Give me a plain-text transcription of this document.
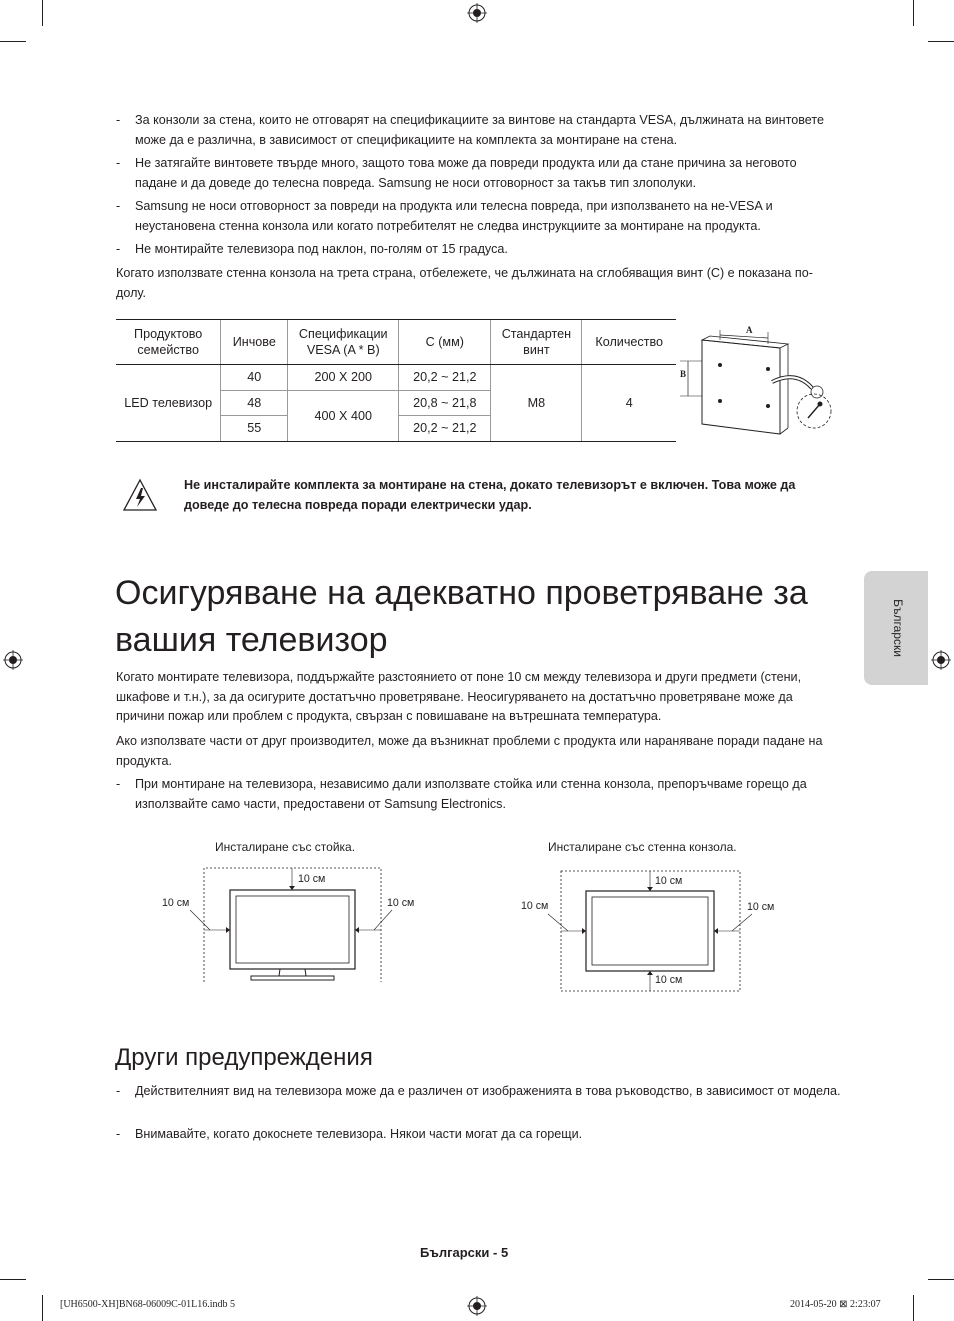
- За конзоли за стена, които не отговарят на спецификациите за винтове на стандарта VESA, дължината на винтовете може да е различна, в зависимост от спецификациите на комплекта за монтиране на стена.
- Не затягайте винтовете твърде много, защото това може да повреди продукта или да стане причина за неговото падане и да доведе до телесна повреда. Samsung не носи отговорност за такъв тип злополуки.
- Samsung не носи отговорност за повреди на продукта или телесна повреда, при използването на не-VESA и неустановена стенна конзола или когато потребителят не следва инструкциите за монтиране на продукта.
- Не монтирайте телевизора под наклон, по-голям от 15 градуса.
Когато използвате стенна конзола на трета страна, отбележете, че дължината на сглобяващия винт (C) е показана по-долу.
Продуктово семейство	Инчове	Спецификации VESA (A * B)	C (мм)	Стандартен винт	Количество
LED телевизор	40	200 X 200	20,2 ~ 21,2	M8	4
	48	400 X 400	20,8 ~ 21,8		
	55		20,2 ~ 21,2		
A
B
Не инсталирайте комплекта за монтиране на стена, докато телевизорът е включен. Това може да доведе до телесна повреда поради електрически удар.
Осигуряване на адекватно проветряване за
вашия телевизор
Когато монтирате телевизора, поддържайте разстоянието от поне 10 см между телевизора и други предмети (стени, шкафове и т.н.), за да осигурите достатъчно проветряване. Неосигуряването на достатъчно проветряване може да причини пожар или проблем с продукта, свързан с повишаване на вътрешната температура.
Ако използвате части от друг производител, може да възникнат проблеми с продукта или нараняване поради падане на продукта.
- При монтиране на телевизора, независимо дали използвате стойка или стенна конзола, препоръчваме горещо да използвайте само части, предоставени от Samsung Electronics.
Инсталиране със стойка.	Инсталиране със стенна конзола.
10 см
10 см	10 см
10 см
10 см
10 см	10 см
Други предупреждения
- Действителният вид на телевизора може да е различен от изображенията в това ръководство, в зависимост от модела.
- Внимавайте, когато докоснете телевизора. Някои части могат да са горещи.
Български
Български - 5
[UH6500-XH]BN68-06009C-01L16.indb 5	2014-05-20 ⊠ 2:23:07
